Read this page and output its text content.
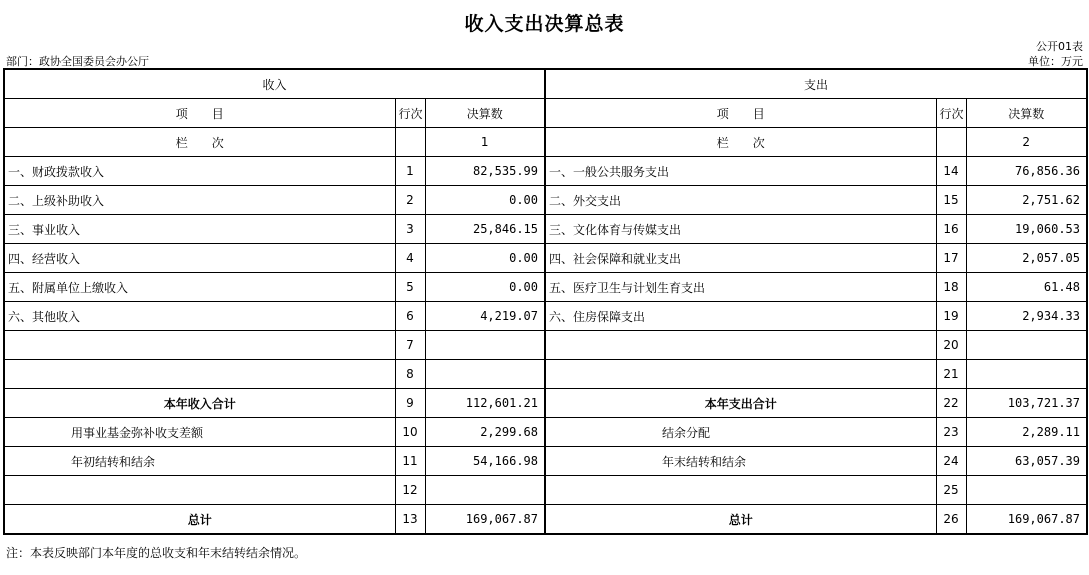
收入支出决算总表
公开01表
部门：政协全国委员会办公厅	单位：万元
收入			支出		
项　　目	行次	决算数	项　　目	行次	决算数
栏　　次		1	栏　　次		2
一、财政拨款收入	1	82,535.99	一、一般公共服务支出	14	76,856.36
二、上级补助收入	2	0.00	二、外交支出	15	2,751.62
三、事业收入	3	25,846.15	三、文化体育与传媒支出	16	19,060.53
四、经营收入	4	0.00	四、社会保障和就业支出	17	2,057.05
五、附属单位上缴收入	5	0.00	五、医疗卫生与计划生育支出	18	61.48
六、其他收入	6	4,219.07	六、住房保障支出	19	2,934.33
	7			20	
	8			21	
本年收入合计	9	112,601.21	本年支出合计	22	103,721.37
用事业基金弥补收支差额	10	2,299.68	结余分配	23	2,289.11
年初结转和结余	11	54,166.98	年末结转和结余	24	63,057.39
	12			25	
总计	13	169,067.87	总计	26	169,067.87
注：本表反映部门本年度的总收支和年末结转结余情况。
